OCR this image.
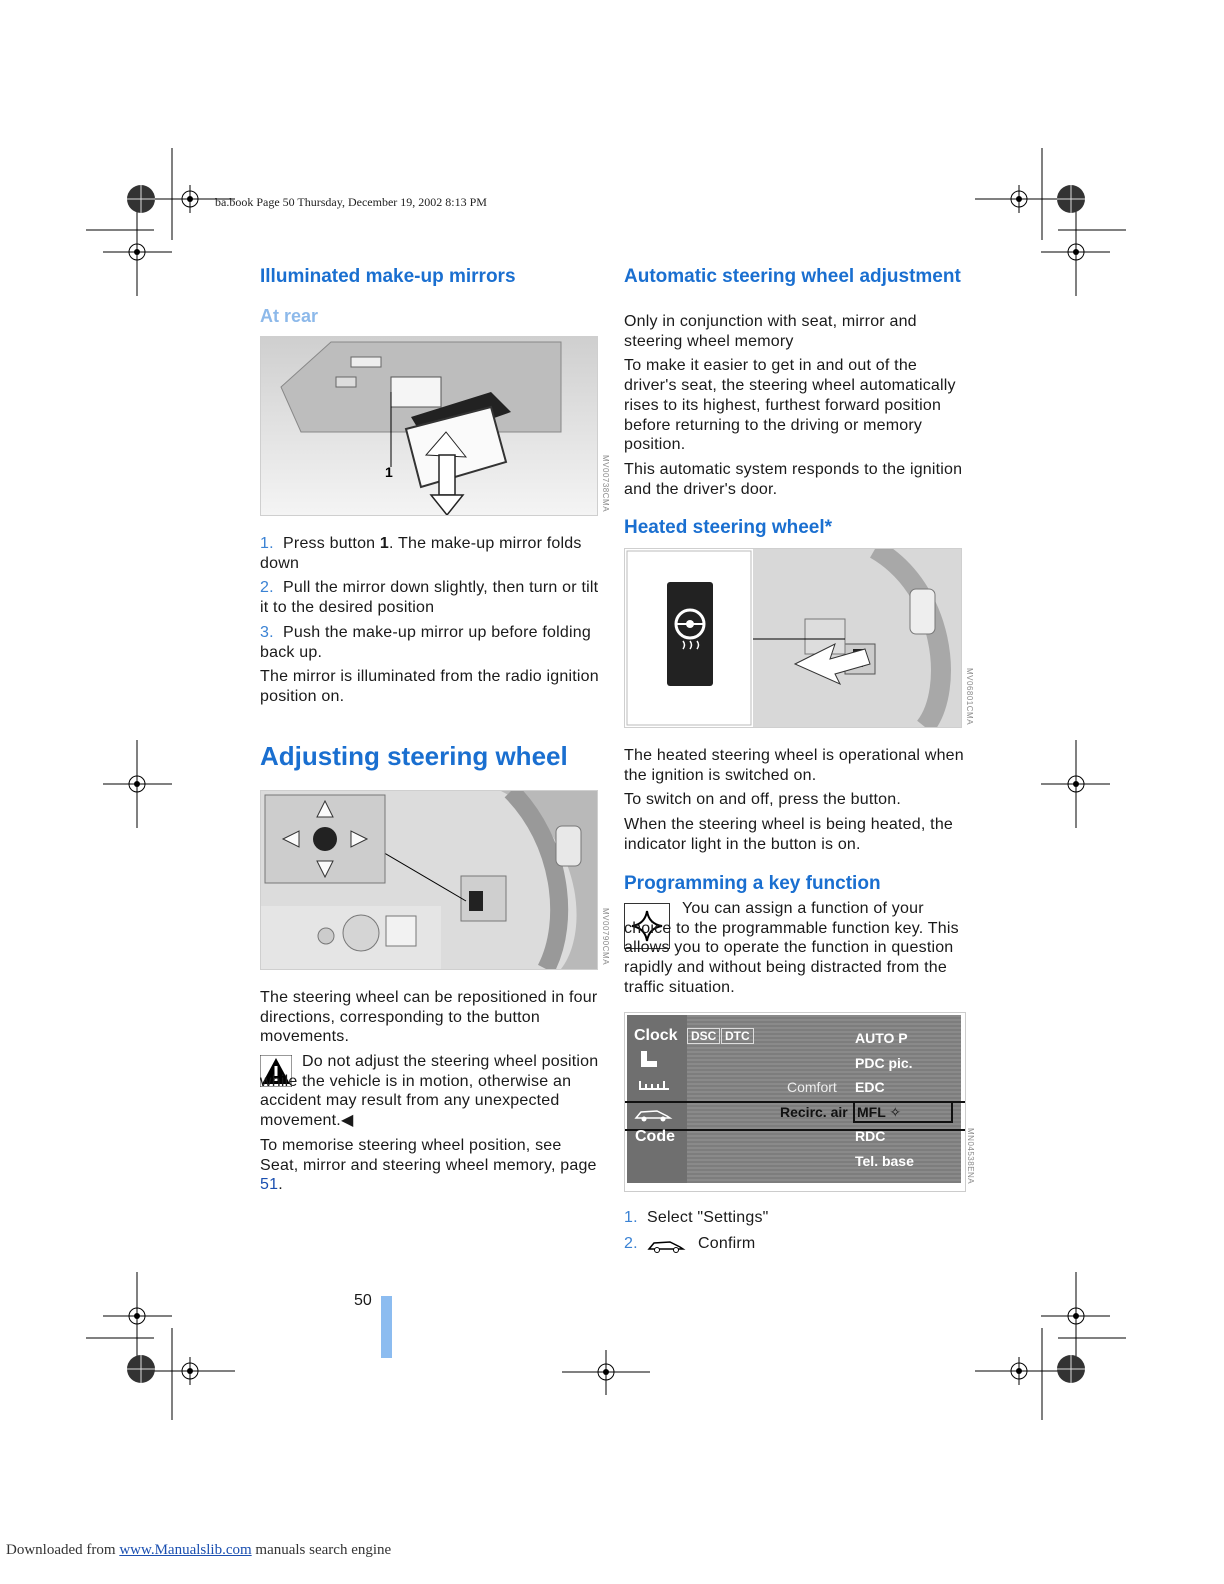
ba.book Page 50 Thursday, December 19, 2002 8:13 PM
Illuminated make-up mirrors
At rear
1	MV00738CMA
1. Press button 1. The make-up mirror folds down
2. Pull the mirror down slightly, then turn or tilt it to the desired position
3. Push the make-up mirror up before folding back up.
The mirror is illuminated from the radio ignition position on.
Adjusting steering wheel
MV00790CMA
The steering wheel can be repositioned in four directions, corresponding to the button movements.
Do not adjust the steering wheel position while the vehicle is in motion, otherwise an accident may result from any unexpected movement.◀
To memorise steering wheel position, see Seat, mirror and steering wheel memory, page 51.
Automatic steering wheel adjustment
Only in conjunction with seat, mirror and steering wheel memory
To make it easier to get in and out of the driver's seat, the steering wheel automatically rises to its highest, furthest forward position before returning to the driving or memory position.
This automatic system responds to the ignition and the driver's door.
Heated steering wheel*
MV06801CMA
The heated steering wheel is operational when the ignition is switched on.
To switch on and off, press the button.
When the steering wheel is being heated, the indicator light in the button is on.
Programming a key function
You can assign a function of your choice to the programmable function key. This allows you to operate the function in question rapidly and without being distracted from the traffic situation.
Clock	DSC DTC
Code
AUTO P
PDC pic.
Comfort EDC
Recirc. air MFL ✧
RDC
Tel. base	MN04538ENA
1. Select "Settings"
2.	Confirm
50
Downloaded from www.Manualslib.com manuals search engine
